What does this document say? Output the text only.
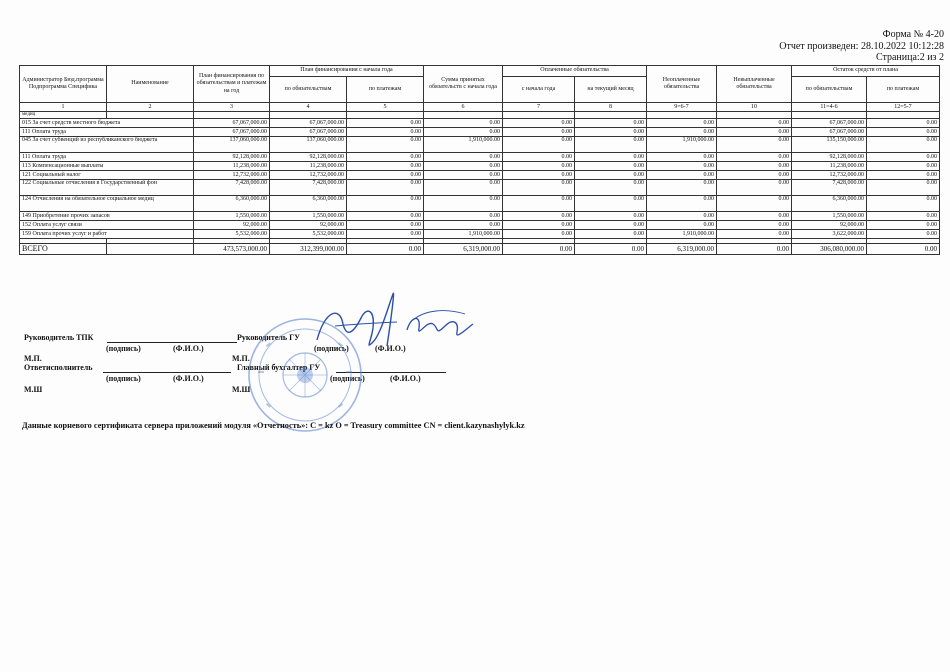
Форма № 4-20
Отчет произведен: 28.10.2022 10:12:28
Страница:2 из 2
Администратор Бюд.программа Подпрограмма Специфика	Наименование	План финансирования по обязательствам и платежам на год	План финансирования с начала года		Сумма принятых обязательств с начала года	Оплаченные обязательства		Неоплаченные обязательства	Невыплаченные обязательства	Остаток средств от плана	
			по обязательствам	по платежам		с начала года	на текущий месяц			по обязательствам	по платежам
1	2	3	4	5	6	7	8	9=6-7	10	11=4-6	12=5-7
медиц											
015 За счет средств местного бюджета		67,067,000.00	67,067,000.00	0.00	0.00	0.00	0.00	0.00	0.00	67,067,000.00	0.00
111 Оплата труда		67,067,000.00	67,067,000.00	0.00	0.00	0.00	0.00	0.00	0.00	67,067,000.00	0.00
045 За счет субвенций из республиканского бюджета		137,060,000.00	137,060,000.00	0.00	1,910,000.00	0.00	0.00	1,910,000.00	0.00	135,150,000.00	0.00
111 Оплата труда		92,128,000.00	92,128,000.00	0.00	0.00	0.00	0.00	0.00	0.00	92,128,000.00	0.00
113 Компенсационные выплаты		11,238,000.00	11,238,000.00	0.00	0.00	0.00	0.00	0.00	0.00	11,238,000.00	0.00
121 Социальный налог		12,732,000.00	12,732,000.00	0.00	0.00	0.00	0.00	0.00	0.00	12,732,000.00	0.00
122 Социальные отчисления в Государственный фон		7,428,000.00	7,428,000.00	0.00	0.00	0.00	0.00	0.00	0.00	7,428,000.00	0.00
124 Отчисления на обязательное социальное медиц		6,360,000.00	6,360,000.00	0.00	0.00	0.00	0.00	0.00	0.00	6,360,000.00	0.00
149 Приобретение прочих запасов		1,550,000.00	1,550,000.00	0.00	0.00	0.00	0.00	0.00	0.00	1,550,000.00	0.00
152 Оплата услуг связи		92,000.00	92,000.00	0.00	0.00	0.00	0.00	0.00	0.00	92,000.00	0.00
159 Оплата прочих услуг и работ		5,532,000.00	5,532,000.00	0.00	1,910,000.00	0.00	0.00	1,910,000.00	0.00	3,622,000.00	0.00

ВСЕГО		473,573,000.00	312,399,000.00	0.00	6,319,000.00	0.00	0.00	6,319,000.00	0.00	306,080,000.00	0.00
Руководитель ТПК
(подпись)	(Ф.И.О.)
М.П.
Ответисполнитель
(подпись)	(Ф.И.О.)
М.Ш
Руководитель ГУ
(подпись)	(Ф.И.О.)
М.П.
Главный бухгалтер ГУ
(подпись)	(Ф.И.О.)
М.Ш
Данные корневого сертификата сервера приложений модуля «Отчетность»: C = kz O = Treasury committee CN = client.kazynashylyk.kz
